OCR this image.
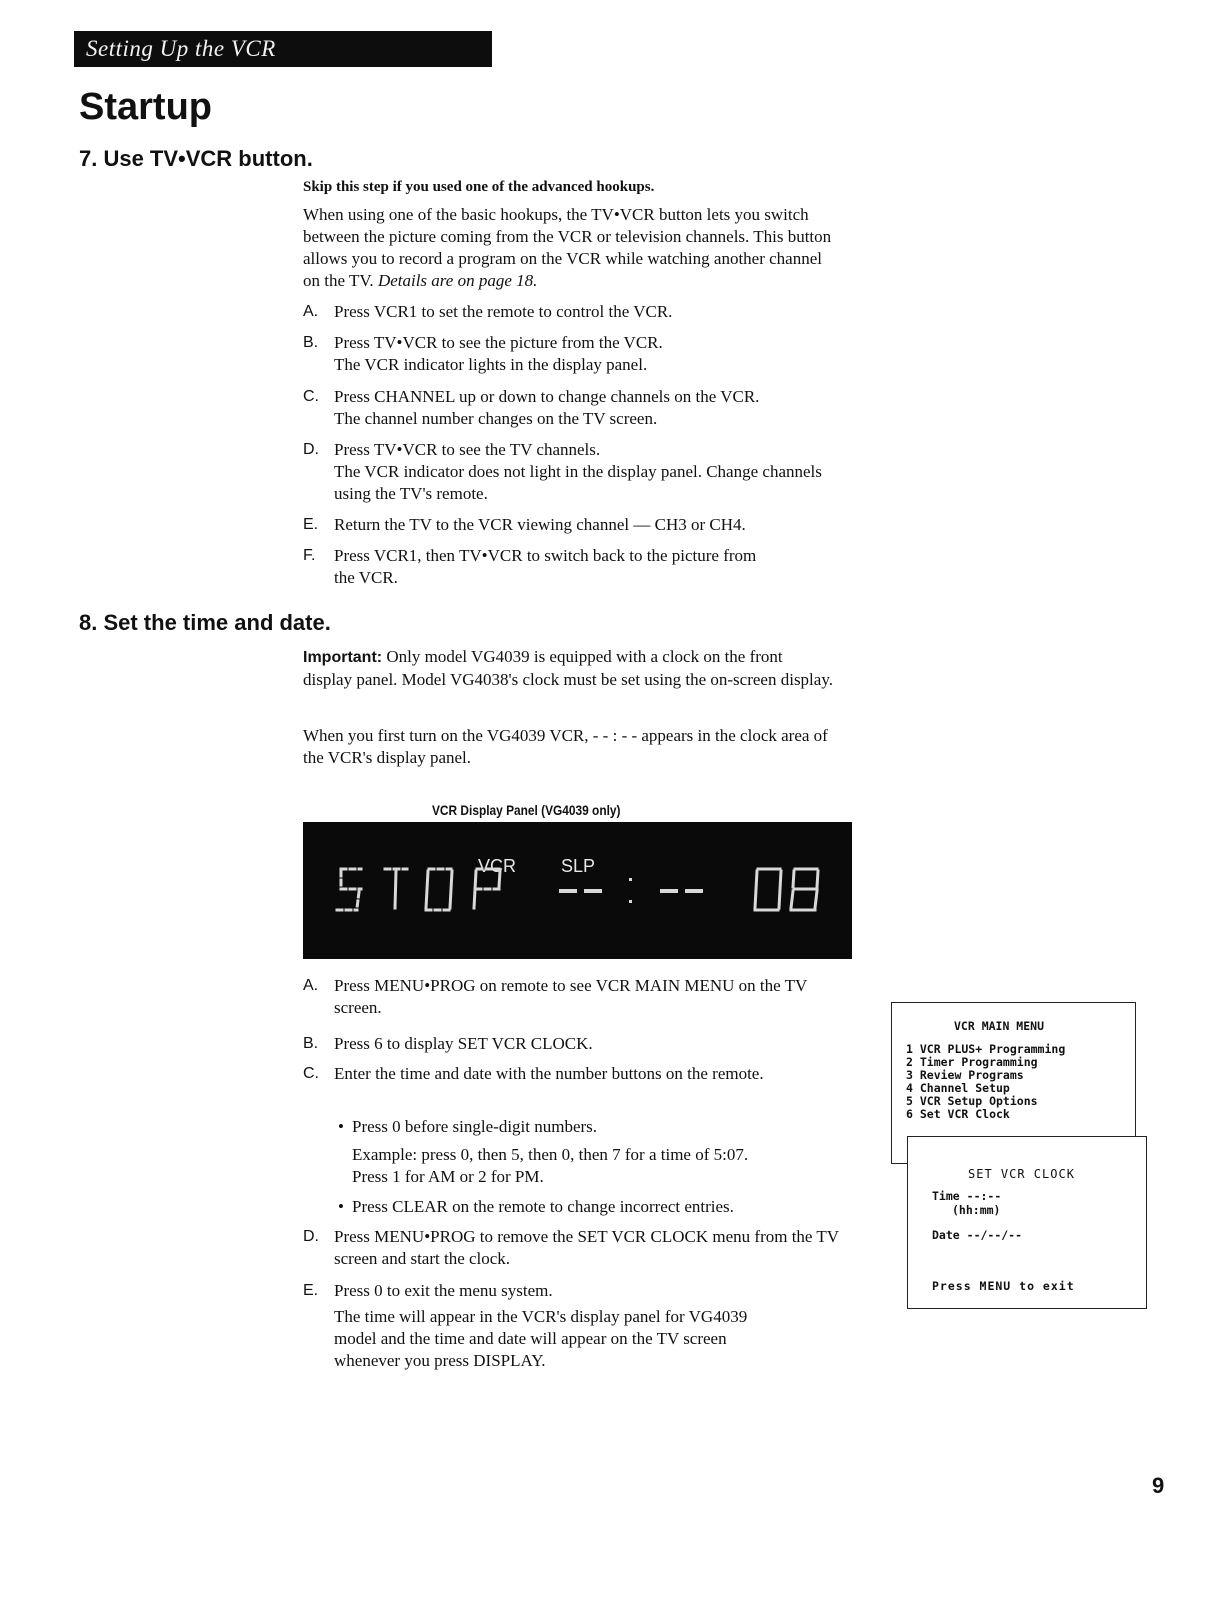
Setting Up the VCR
Startup
7. Use TV•VCR button.

Skip this step if you used one of the advanced hookups.

When using one of the basic hookups, the TV•VCR button lets you switch between the picture coming from the VCR or television channels. This button allows you to record a program on the VCR while watching another channel on the TV. Details are on page 18.

A. Press VCR1 to set the remote to control the VCR.
B. Press TV•VCR to see the picture from the VCR.
The VCR indicator lights in the display panel.
C. Press CHANNEL up or down to change channels on the VCR.
The channel number changes on the TV screen.
D. Press TV•VCR to see the TV channels.
The VCR indicator does not light in the display panel. Change channels using the TV's remote.
E. Return the TV to the VCR viewing channel — CH3 or CH4.
F. Press VCR1, then TV•VCR to switch back to the picture from the VCR.
8. Set the time and date.

Important: Only model VG4039 is equipped with a clock on the front display panel. Model VG4038's clock must be set using the on-screen display.

When you first turn on the VG4039 VCR, - - : - - appears in the clock area of the VCR's display panel.

VCR Display Panel (VG4039 only)
VCR SLP
A. Press MENU•PROG on remote to see VCR MAIN MENU on the TV screen.
B. Press 6 to display SET VCR CLOCK.
C. Enter the time and date with the number buttons on the remote.
• Press 0 before single-digit numbers.
Example: press 0, then 5, then 0, then 7 for a time of 5:07. Press 1 for AM or 2 for PM.
• Press CLEAR on the remote to change incorrect entries.
D. Press MENU•PROG to remove the SET VCR CLOCK menu from the TV screen and start the clock.
E. Press 0 to exit the menu system.
The time will appear in the VCR's display panel for VG4039 model and the time and date will appear on the TV screen whenever you press DISPLAY.
VCR MAIN MENU
1 VCR PLUS+ Programming
2 Timer Programming
3 Review Programs
4 Channel Setup
5 VCR Setup Options
6 Set VCR Clock
SET VCR CLOCK
Time --:--
(hh:mm)
Date --/--/--
Press MENU to exit
9
